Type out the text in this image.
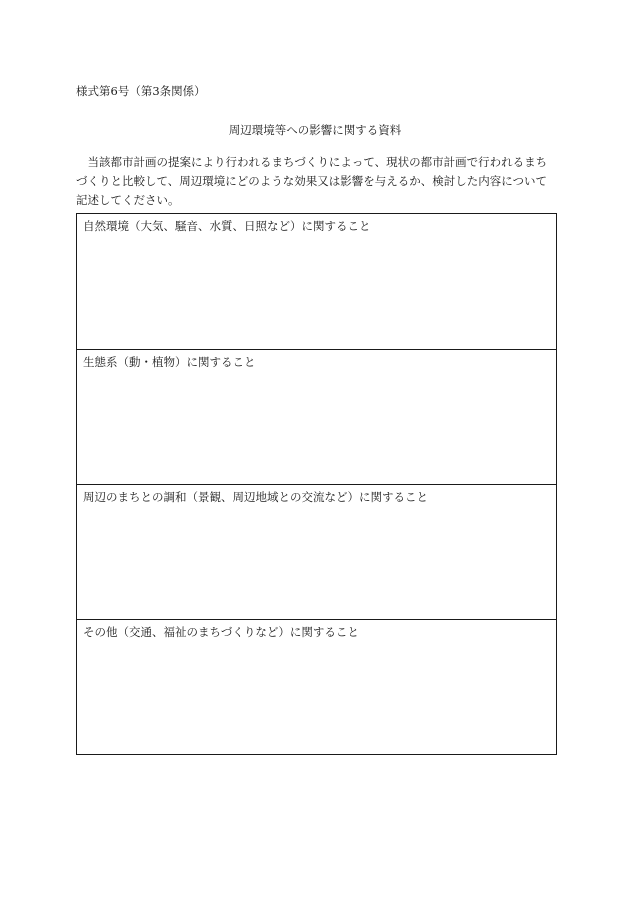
様式第6号（第3条関係）
周辺環境等への影響に関する資料

当該都市計画の提案により行われるまちづくりによって、現状の都市計画で行われるまちづくりと比較して、周辺環境にどのような効果又は影響を与えるか、検討した内容について記述してください。

自然環境（大気、騒音、水質、日照など）に関すること
生態系（動・植物）に関すること
周辺のまちとの調和（景観、周辺地域との交流など）に関すること
その他（交通、福祉のまちづくりなど）に関すること
